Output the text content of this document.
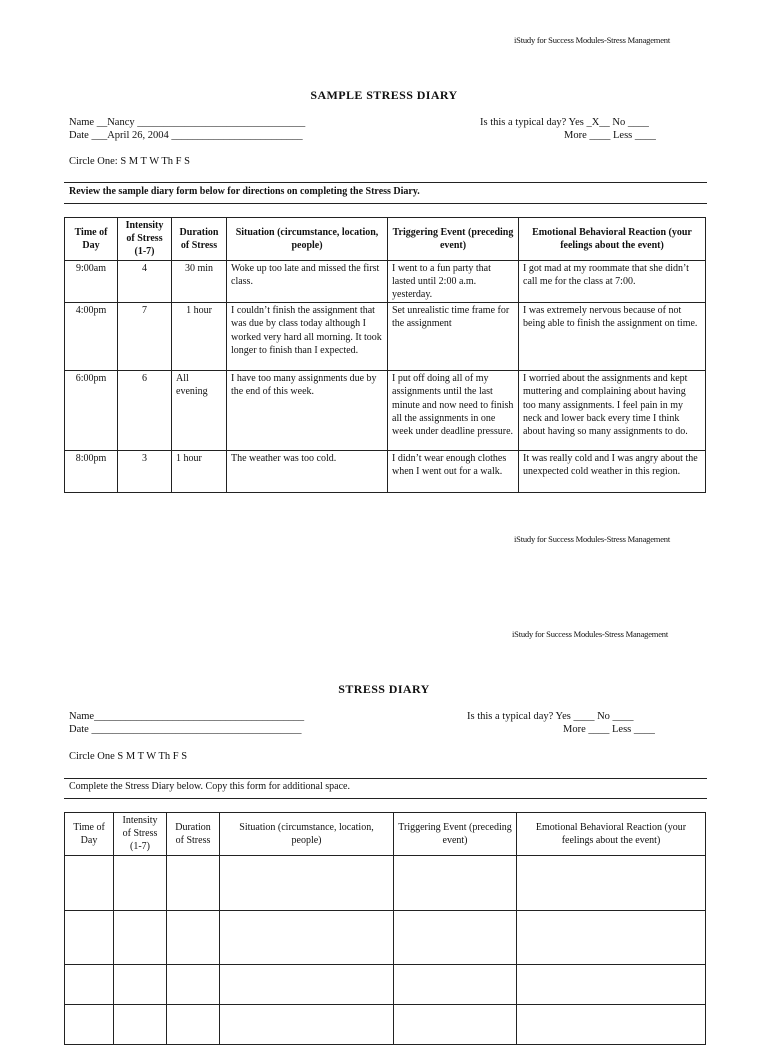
iStudy for Success Modules-Stress Management
SAMPLE STRESS DIARY
Name __Nancy ________________________________
Date ___April 26, 2004 _________________________
Is this a typical day? Yes _X__ No ____
More ____ Less ____
Circle One: S M T W Th F S
Review the sample diary form below for directions on completing the Stress Diary.
Time of Day	Intensity of Stress (1-7)	Duration of Stress	Situation (circumstance, location, people)	Triggering Event (preceding event)	Emotional Behavioral Reaction (your feelings about the event)
9:00am	4	30 min	Woke up too late and missed the first class.	I went to a fun party that lasted until 2:00 a.m. yesterday.	I got mad at my roommate that she didn’t call me for the class at 7:00.
4:00pm	7	1 hour	I couldn’t finish the assignment that was due by class today although I worked very hard all morning. It took longer to finish than I expected.	Set unrealistic time frame for the assignment	I was extremely nervous because of not being able to finish the assignment on time.
6:00pm	6	All evening	I have too many assignments due by the end of this week.	I put off doing all of my assignments until the last minute and now need to finish all the assignments in one week under deadline pressure.	I worried about the assignments and kept muttering and complaining about having too many assignments. I feel pain in my neck and lower back every time I think about having so many assignments to do.
8:00pm	3	1 hour	The weather was too cold.	I didn’t wear enough clothes when I went out for a walk.	It was really cold and I was angry about the unexpected cold weather in this region.
iStudy for Success Modules-Stress Management
iStudy for Success Modules-Stress Management
STRESS DIARY
Name________________________________________
Date ________________________________________
Is this a typical day? Yes ____ No ____
More ____ Less ____
Circle One S M T W Th F S
Complete the Stress Diary below. Copy this form for additional space.
Time of Day	Intensity of Stress (1-7)	Duration of Stress	Situation (circumstance, location, people)	Triggering Event (preceding event)	Emotional Behavioral Reaction (your feelings about the event)
